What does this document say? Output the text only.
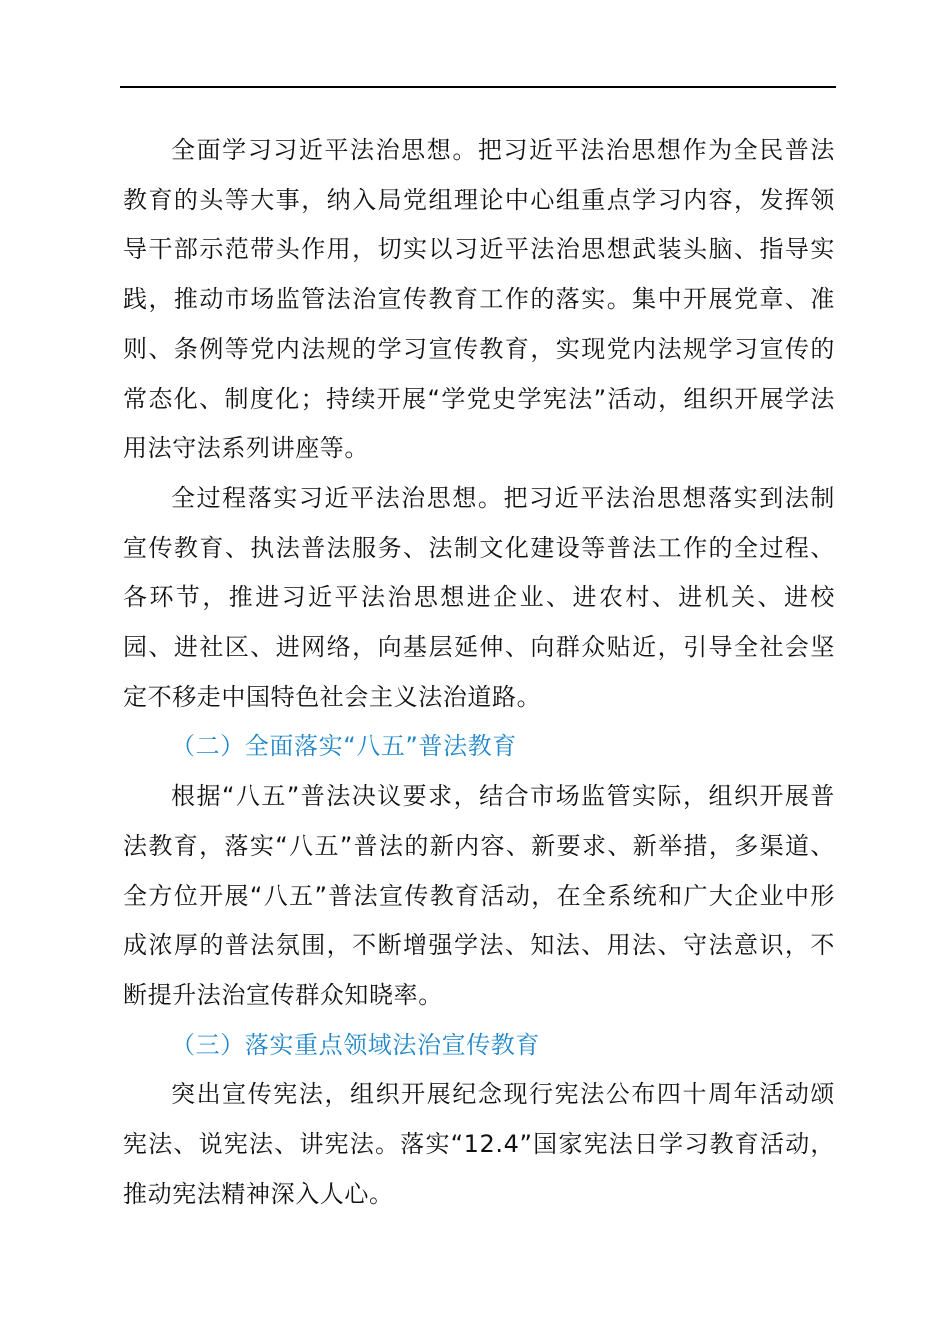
全面学习习近平法治思想。把习近平法治思想作为全民普法教育的头等大事，纳入局党组理论中心组重点学习内容，发挥领导干部示范带头作用，切实以习近平法治思想武装头脑、指导实践，推动市场监管法治宣传教育工作的落实。集中开展党章、准则、条例等党内法规的学习宣传教育，实现党内法规学习宣传的常态化、制度化；持续开展“学党史学宪法”活动，组织开展学法用法守法系列讲座等。

全过程落实习近平法治思想。把习近平法治思想落实到法制宣传教育、执法普法服务、法制文化建设等普法工作的全过程、各环节，推进习近平法治思想进企业、进农村、进机关、进校园、进社区、进网络，向基层延伸、向群众贴近，引导全社会坚定不移走中国特色社会主义法治道路。

（二）全面落实“八五”普法教育

根据“八五”普法决议要求，结合市场监管实际，组织开展普法教育，落实“八五”普法的新内容、新要求、新举措，多渠道、全方位开展“八五”普法宣传教育活动，在全系统和广大企业中形成浓厚的普法氛围，不断增强学法、知法、用法、守法意识，不断提升法治宣传群众知晓率。

（三）落实重点领域法治宣传教育

突出宣传宪法，组织开展纪念现行宪法公布四十周年活动颂宪法、说宪法、讲宪法。落实“12.4”国家宪法日学习教育活动，推动宪法精神深入人心。
